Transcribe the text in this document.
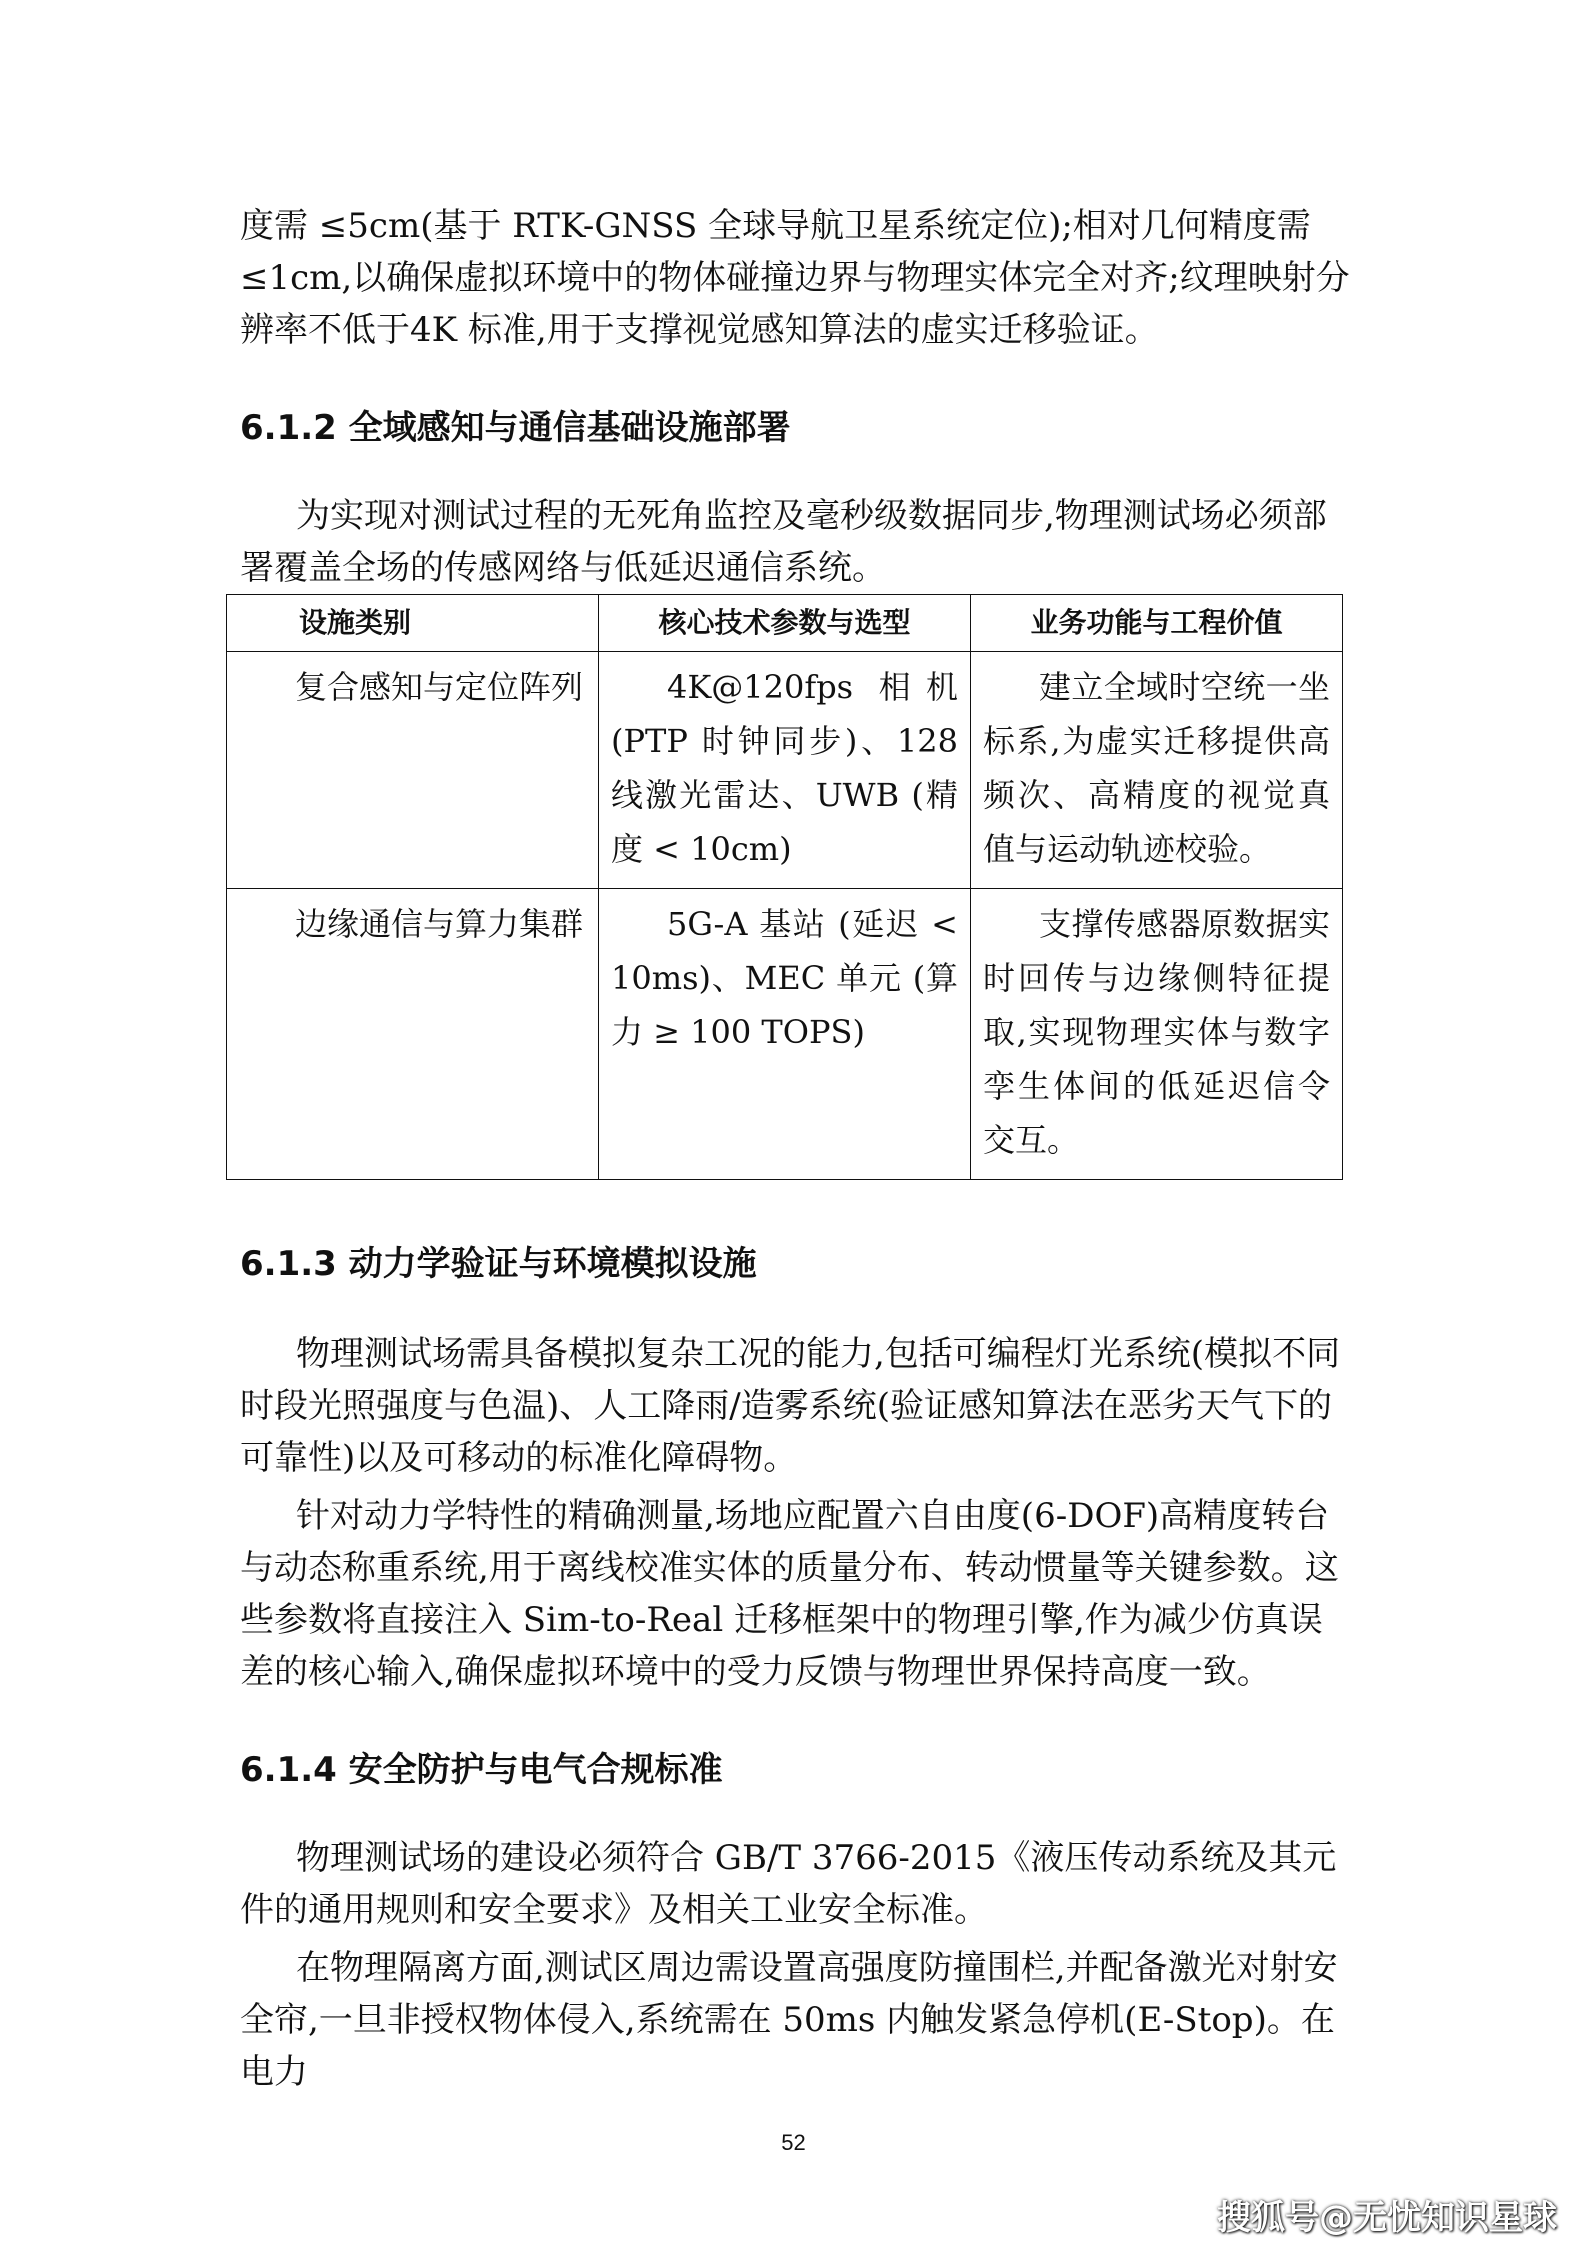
度需 ≤5cm(基于 RTK-GNSS 全球导航卫星系统定位);相对几何精度需 ≤1cm,以确保虚拟环境中的物体碰撞边界与物理实体完全对齐;纹理映射分辨率不低于4K 标准,用于支撑视觉感知算法的虚实迁移验证。

6.1.2 全域感知与通信基础设施部署

为实现对测试过程的无死角监控及毫秒级数据同步,物理测试场必须部署覆盖全场的传感网络与低延迟通信系统。

设施类别	核心技术参数与选型	业务功能与工程价值

复合感知与定位阵列	4K@120fps 相机(PTP 时钟同步)、128 线激光雷达、UWB (精度 < 10cm)	建立全域时空统一坐标系,为虚实迁移提供高频次、高精度的视觉真值与运动轨迹校验。

边缘通信与算力集群	5G-A 基站 (延迟 < 10ms)、MEC 单元 (算力 ≥ 100 TOPS)	支撑传感器原数据实时回传与边缘侧特征提取,实现物理实体与数字孪生体间的低延迟信令交互。
6.1.3 动力学验证与环境模拟设施

物理测试场需具备模拟复杂工况的能力,包括可编程灯光系统(模拟不同时段光照强度与色温)、人工降雨/造雾系统(验证感知算法在恶劣天气下的可靠性)以及可移动的标准化障碍物。

针对动力学特性的精确测量,场地应配置六自由度(6-DOF)高精度转台与动态称重系统,用于离线校准实体的质量分布、转动惯量等关键参数。这些参数将直接注入 Sim-to-Real 迁移框架中的物理引擎,作为减少仿真误差的核心输入,确保虚拟环境中的受力反馈与物理世界保持高度一致。

6.1.4 安全防护与电气合规标准

物理测试场的建设必须符合 GB/T 3766-2015《液压传动系统及其元件的通用规则和安全要求》及相关工业安全标准。

在物理隔离方面,测试区周边需设置高强度防撞围栏,并配备激光对射安全帘,一旦非授权物体侵入,系统需在 50ms 内触发紧急停机(E-Stop)。在电力

52
搜狐号@无忧知识星球
